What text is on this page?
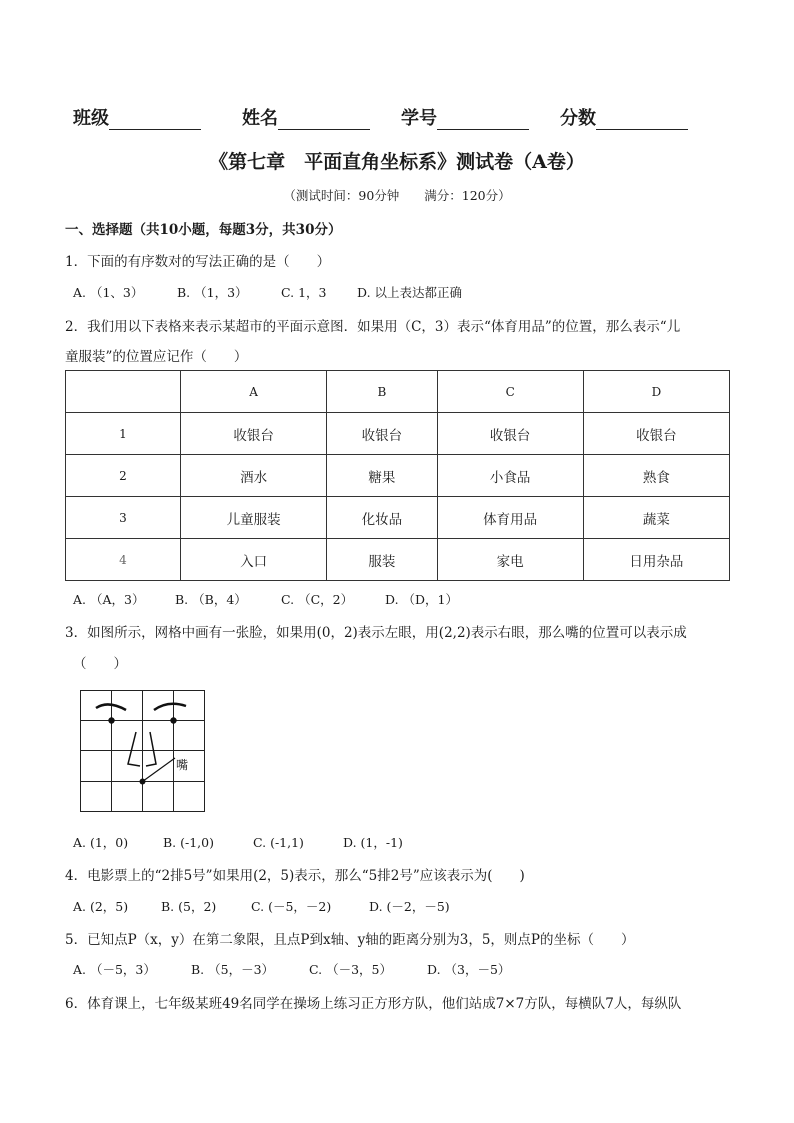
班级	姓名	学号	分数
《第七章　平面直角坐标系》测试卷（A卷）
（测试时间：90分钟　　满分：120分）
一、选择题（共10小题，每题3分，共30分）
1．下面的有序数对的写法正确的是（　　）
A. （1、3）	B. （1，3）	C. 1，3 D. 以上表达都正确
2．我们用以下表格来表示某超市的平面示意图．如果用（C，3）表示“体育用品”的位置，那么表示“儿
童服装”的位置应记作（　　）
	A	B	C	D
1	收银台	收银台	收银台	收银台
2	酒水	糖果	小食品	熟食
3	儿童服装	化妆品	体育用品	蔬菜
4	入口	服装	家电	日用杂品
A. （A，3） B. （B，4）	C. （C，2）	D. （D，1）
3．如图所示，网格中画有一张脸，如果用(0，2)表示左眼，用(2,2)表示右眼，那么嘴的位置可以表示成
（　　）
嘴
A. (1，0)	B. (-1,0)	C. (-1,1)	D. (1，-1)
4．电影票上的“2排5号”如果用(2，5)表示，那么“5排2号”应该表示为(　　)
A. (2，5)	B. (5，2)	C. (－5，－2)	D. (－2，－5)
5．已知点P（x，y）在第二象限，且点P到x轴、y轴的距离分别为3，5，则点P的坐标（　　）
A. （－5，3）	B. （5，－3）	C. （－3，5）	D. （3，－5）
6．体育课上，七年级某班49名同学在操场上练习正方形方队，他们站成7×7方队，每横队7人，每纵队
